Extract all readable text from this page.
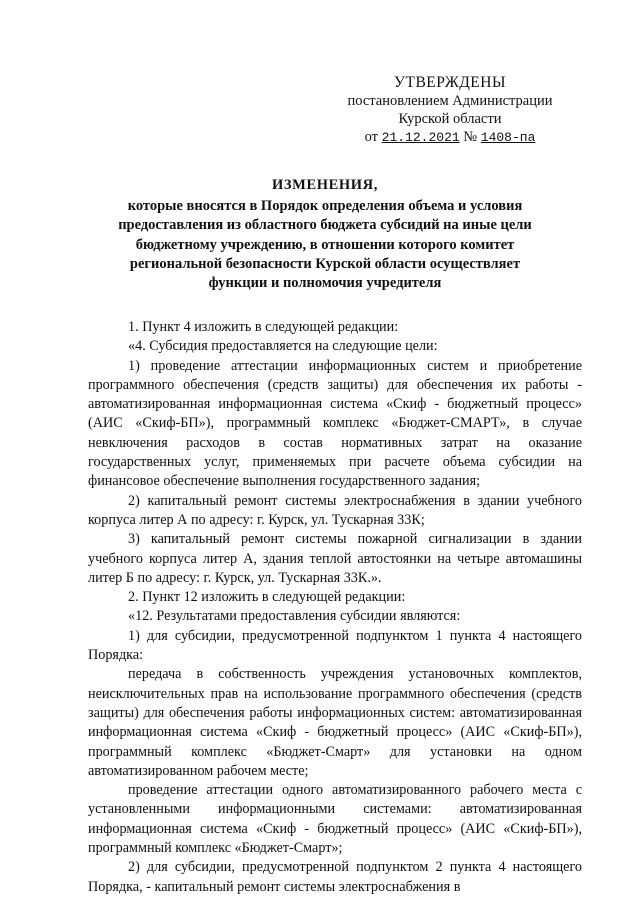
УТВЕРЖДЕНЫ
постановлением Администрации
Курской области
от 21.12.2021 № 1408-па
ИЗМЕНЕНИЯ,
которые вносятся в Порядок определения объема и условия
предоставления из областного бюджета субсидий на иные цели
бюджетному учреждению, в отношении которого комитет
региональной безопасности Курской области осуществляет
функции и полномочия учредителя

1. Пункт 4 изложить в следующей редакции:

«4. Субсидия предоставляется на следующие цели:

1) проведение аттестации информационных систем и приобретение программного обеспечения (средств защиты) для обеспечения их работы - автоматизированная информационная система «Скиф - бюджетный процесс» (АИС «Скиф-БП»), программный комплекс «Бюджет-СМАРТ», в случае невключения расходов в состав нормативных затрат на оказание государственных услуг, применяемых при расчете объема субсидии на финансовое обеспечение выполнения государственного задания;

2) капитальный ремонт системы электроснабжения в здании учебного корпуса литер А по адресу: г. Курск, ул. Тускарная 33К;

3) капитальный ремонт системы пожарной сигнализации в здании учебного корпуса литер А, здания теплой автостоянки на четыре автомашины литер Б по адресу: г. Курск, ул. Тускарная 33К.».

2. Пункт 12 изложить в следующей редакции:

«12. Результатами предоставления субсидии являются:

1) для субсидии, предусмотренной подпунктом 1 пункта 4 настоящего Порядка:

передача в собственность учреждения установочных комплектов, неисключительных прав на использование программного обеспечения (средств защиты) для обеспечения работы информационных систем: автоматизированная информационная система «Скиф - бюджетный процесс» (АИС «Скиф-БП»), программный комплекс «Бюджет-Смарт» для установки на одном автоматизированном рабочем месте;

проведение аттестации одного автоматизированного рабочего места с установленными информационными системами: автоматизированная информационная система «Скиф - бюджетный процесс» (АИС «Скиф-БП»), программный комплекс «Бюджет-Смарт»;

2) для субсидии, предусмотренной подпунктом 2 пункта 4 настоящего Порядка, - капитальный ремонт системы электроснабжения в
